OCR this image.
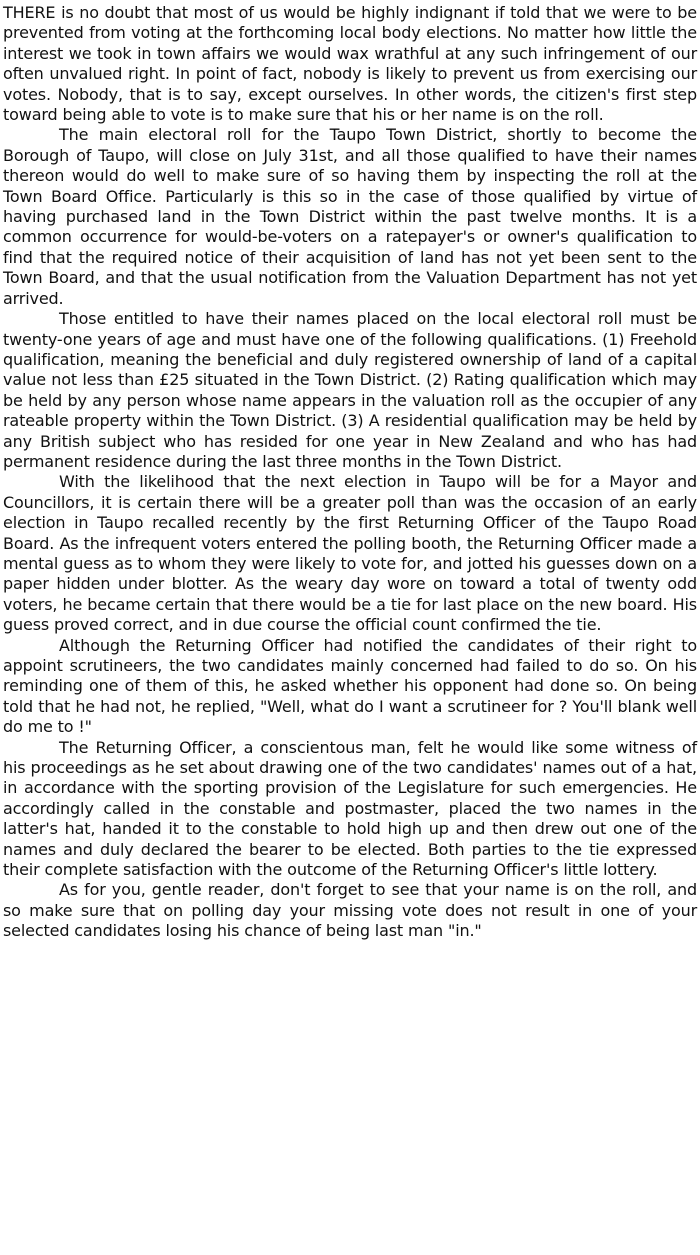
THERE is no doubt that most of us would be highly indignant if told that we were to be prevented from voting at the forthcoming local body elections. No matter how little the interest we took in town affairs we would wax wrathful at any such infringement of our often unvalued right. In point of fact, nobody is likely to prevent us from exercising our votes. Nobody, that is to say, except ourselves. In other words, the citizen's first step toward being able to vote is to make sure that his or her name is on the roll.

The main electoral roll for the Taupo Town District, shortly to become the Borough of Taupo, will close on July 31st, and all those qualified to have their names thereon would do well to make sure of so having them by inspecting the roll at the Town Board Office. Particularly is this so in the case of those qualified by virtue of having purchased land in the Town District within the past twelve months. It is a common occurrence for would-be-voters on a ratepayer's or owner's qualification to find that the required notice of their acquisition of land has not yet been sent to the Town Board, and that the usual notification from the Valuation Department has not yet arrived.

Those entitled to have their names placed on the local electoral roll must be twenty-one years of age and must have one of the following qualifications. (1) Freehold qualification, meaning the beneficial and duly registered ownership of land of a capital value not less than £25 situated in the Town District. (2) Rating qualification which may be held by any person whose name appears in the valuation roll as the occupier of any rateable property within the Town District. (3) A residential qualification may be held by any British subject who has resided for one year in New Zealand and who has had permanent residence during the last three months in the Town District.

With the likelihood that the next election in Taupo will be for a Mayor and Councillors, it is certain there will be a greater poll than was the occasion of an early election in Taupo recalled recently by the first Returning Officer of the Taupo Road Board. As the infrequent voters entered the polling booth, the Returning Officer made a mental guess as to whom they were likely to vote for, and jotted his guesses down on a paper hidden under blotter. As the weary day wore on toward a total of twenty odd voters, he became certain that there would be a tie for last place on the new board. His guess proved correct, and in due course the official count confirmed the tie.

Although the Returning Officer had notified the candidates of their right to appoint scrutineers, the two candidates mainly concerned had failed to do so. On his reminding one of them of this, he asked whether his opponent had done so. On being told that he had not, he replied, "Well, what do I want a scrutineer for ? You'll blank well do me to !"

The Returning Officer, a conscientous man, felt he would like some witness of his proceedings as he set about drawing one of the two candidates' names out of a hat, in accordance with the sporting provision of the Legislature for such emergencies. He accordingly called in the constable and postmaster, placed the two names in the latter's hat, handed it to the constable to hold high up and then drew out one of the names and duly declared the bearer to be elected. Both parties to the tie expressed their complete satisfaction with the outcome of the Returning Officer's little lottery.

As for you, gentle reader, don't forget to see that your name is on the roll, and so make sure that on polling day your missing vote does not result in one of your selected candidates losing his chance of being last man "in."
